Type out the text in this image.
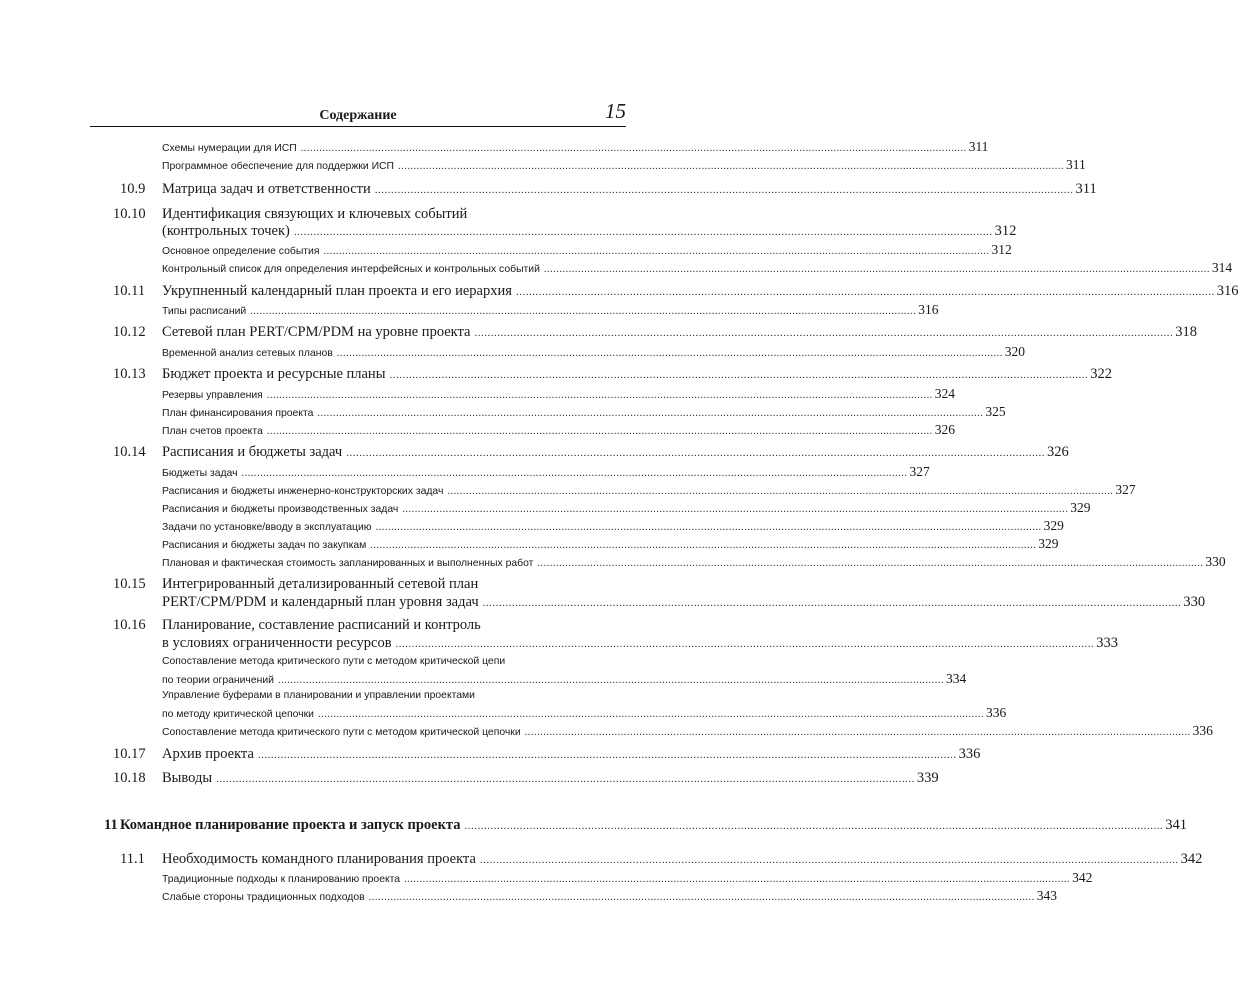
Содержание	15
Схемы нумерации для ИСП ....................................................................................................................................................................................................................... 311
Программное обеспечение для поддержки ИСП ....................................................................................................................................................................................................................... 311
10.9 Матрица задач и ответственности ....................................................................................................................................................................................................................... 311
10.10 Идентификация связующих и ключевых событий
(контрольных точек) ....................................................................................................................................................................................................................... 312
Основное определение события ....................................................................................................................................................................................................................... 312
Контрольный список для определения интерфейсных и контрольных событий ....................................................................................................................................................................................................................... 314
10.11 Укрупненный календарный план проекта и его иерархия ....................................................................................................................................................................................................................... 316
Типы расписаний ....................................................................................................................................................................................................................... 316
10.12 Сетевой план PERT/CPM/PDM на уровне проекта ....................................................................................................................................................................................................................... 318
Временной анализ сетевых планов ....................................................................................................................................................................................................................... 320
10.13 Бюджет проекта и ресурсные планы ....................................................................................................................................................................................................................... 322
Резервы управления ....................................................................................................................................................................................................................... 324
План финансирования проекта ....................................................................................................................................................................................................................... 325
План счетов проекта ....................................................................................................................................................................................................................... 326
10.14 Расписания и бюджеты задач ....................................................................................................................................................................................................................... 326
Бюджеты задач ....................................................................................................................................................................................................................... 327
Расписания и бюджеты инженерно-конструкторских задач ....................................................................................................................................................................................................................... 327
Расписания и бюджеты производственных задач ....................................................................................................................................................................................................................... 329
Задачи по установке/вводу в эксплуатацию ....................................................................................................................................................................................................................... 329
Расписания и бюджеты задач по закупкам ....................................................................................................................................................................................................................... 329
Плановая и фактическая стоимость запланированных и выполненных работ ....................................................................................................................................................................................................................... 330
10.15 Интегрированный детализированный сетевой план
PERT/CPM/PDM и календарный план уровня задач ....................................................................................................................................................................................................................... 330
10.16 Планирование, составление расписаний и контроль
в условиях ограниченности ресурсов ....................................................................................................................................................................................................................... 333
Сопоставление метода критического пути с методом критической цепи
по теории ограничений ....................................................................................................................................................................................................................... 334
Управление буферами в планировании и управлении проектами
по методу критической цепочки ....................................................................................................................................................................................................................... 336
Сопоставление метода критического пути с методом критической цепочки ....................................................................................................................................................................................................................... 336
10.17 Архив проекта ....................................................................................................................................................................................................................... 336
10.18 Выводы ....................................................................................................................................................................................................................... 339
11 Командное планирование проекта и запуск проекта ....................................................................................................................................................................................................................... 341
11.1 Необходимость командного планирования проекта ....................................................................................................................................................................................................................... 342
Традиционные подходы к планированию проекта ....................................................................................................................................................................................................................... 342
Слабые стороны традиционных подходов ....................................................................................................................................................................................................................... 343
